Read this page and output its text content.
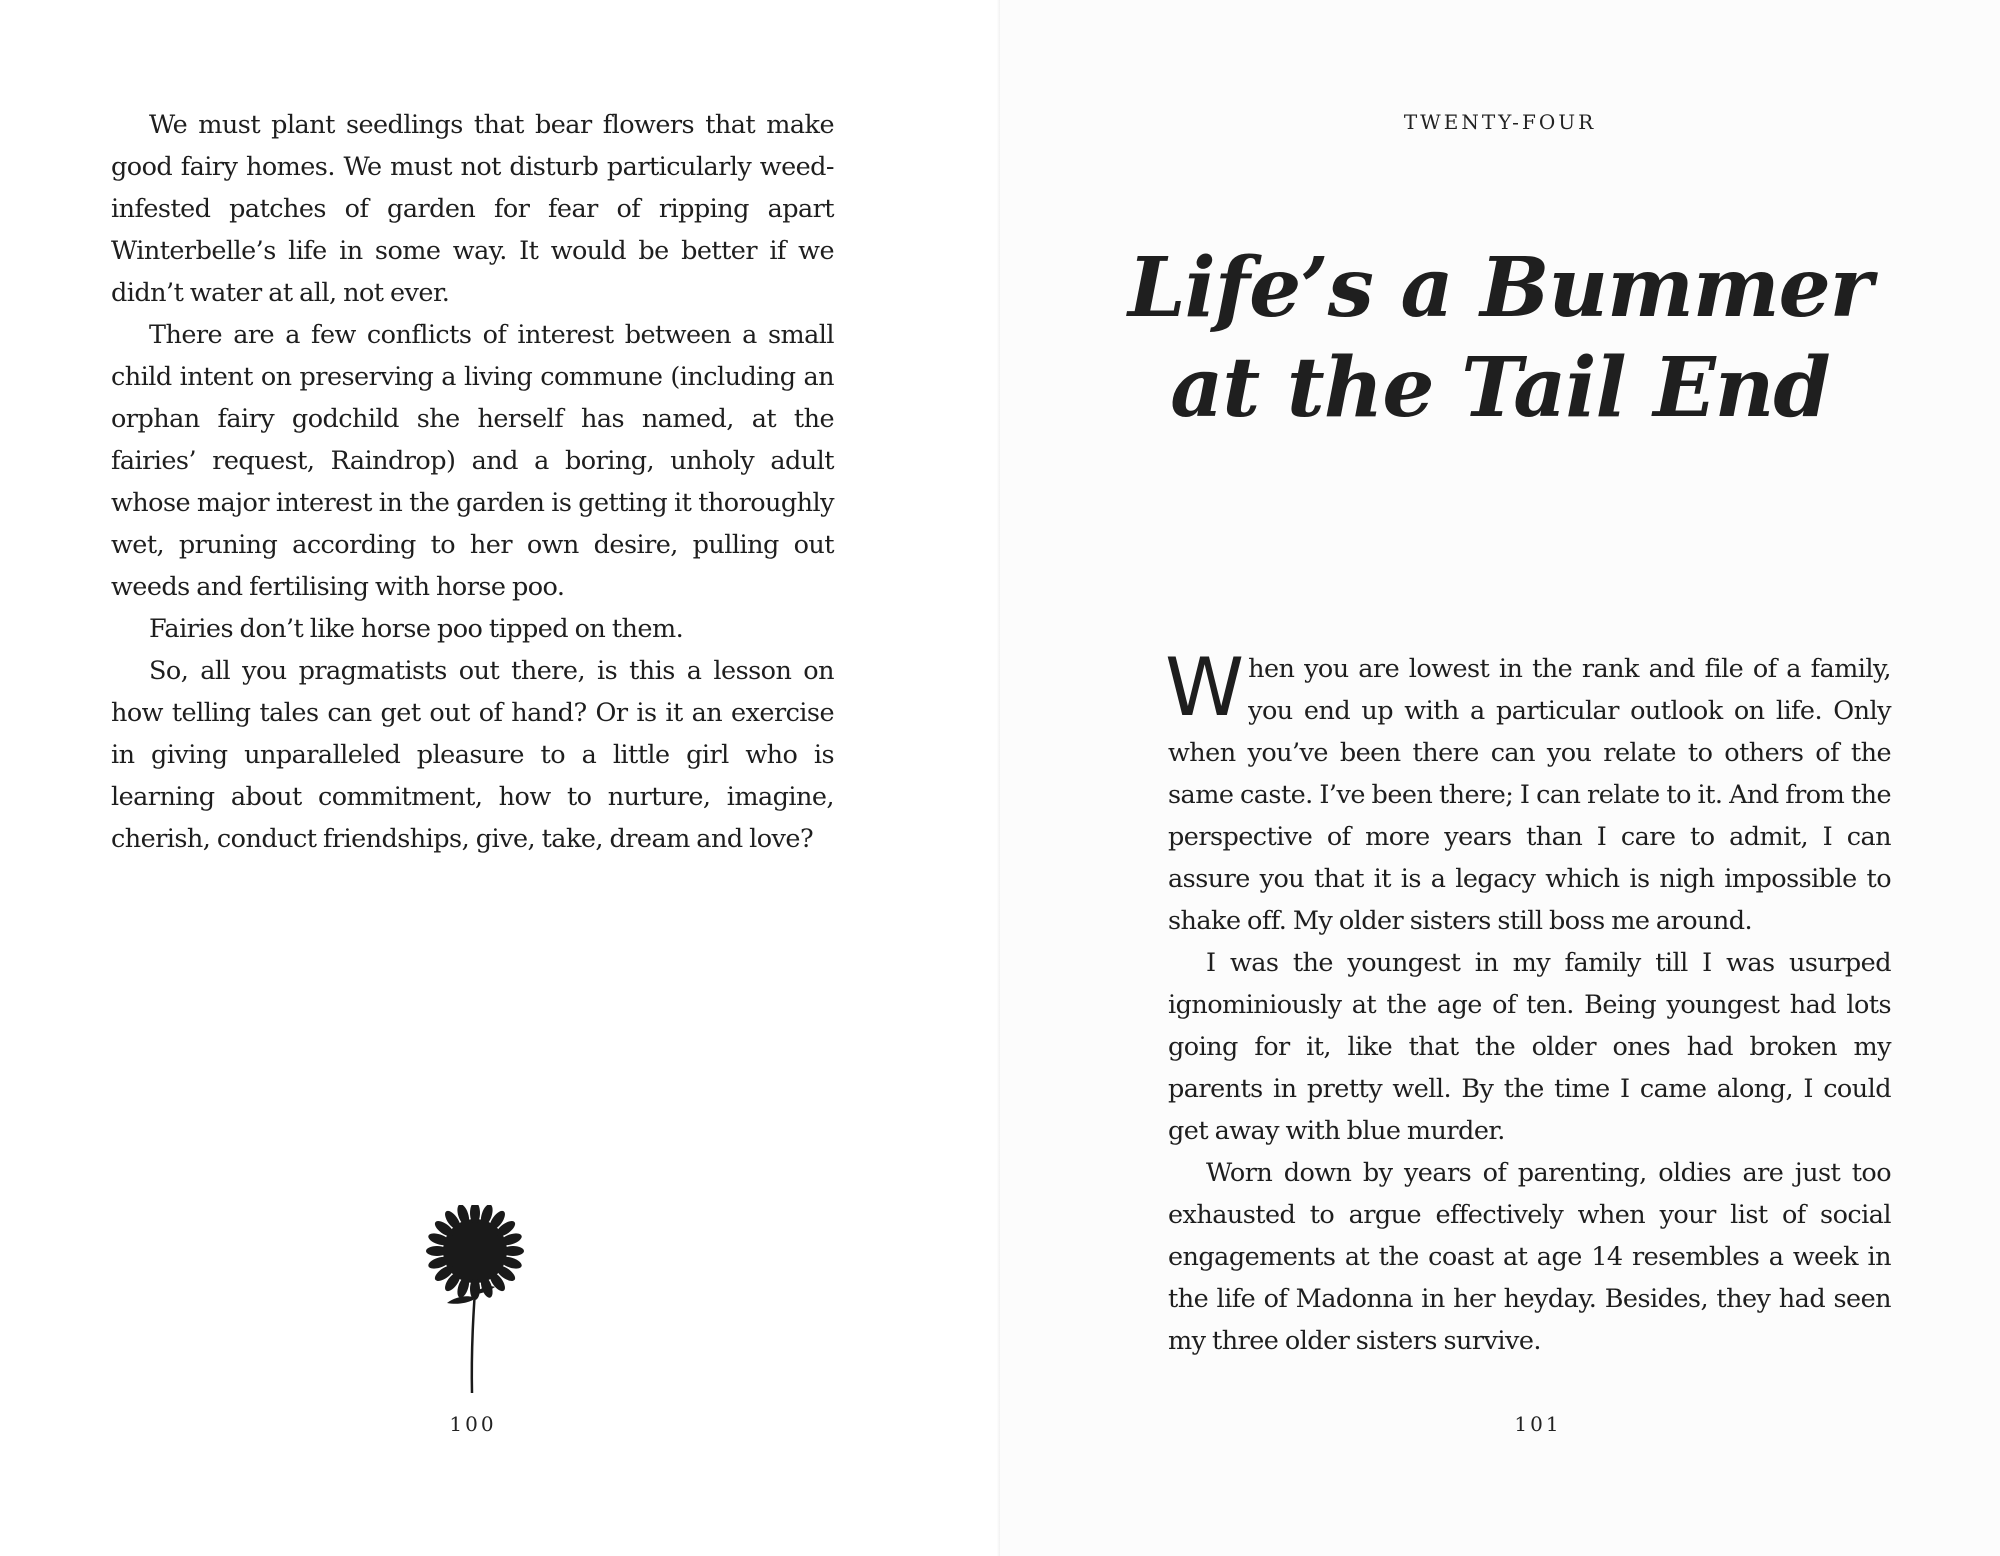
We must plant seedlings that bear flowers that make good fairy homes. We must not disturb particularly weed-infested patches of garden for fear of ripping apart Winterbelle’s life in some way. It would be better if we didn’t water at all, not ever.

There are a few conflicts of interest between a small child intent on preserving a living commune (including an orphan fairy godchild she herself has named, at the fairies’ request, Raindrop) and a boring, unholy adult whose major interest in the garden is getting it thoroughly wet, pruning according to her own desire, pulling out weeds and fertilising with horse poo.

Fairies don’t like horse poo tipped on them.

So, all you pragmatists out there, is this a lesson on how telling tales can get out of hand? Or is it an exercise in giving unparalleled pleasure to a little girl who is learning about commitment, how to nurture, imagine, cherish, conduct friendships, give, take, dream and love?

100
TWENTY-FOUR
Life’s a Bummer
at the Tail End

When you are lowest in the rank and file of a family, you end up with a particular outlook on life. Only when you’ve been there can you relate to others of the same caste. I’ve been there; I can relate to it. And from the perspective of more years than I care to admit, I can assure you that it is a legacy which is nigh impossible to shake off. My older sisters still boss me around.

I was the youngest in my family till I was usurped ignominiously at the age of ten. Being youngest had lots going for it, like that the older ones had broken my parents in pretty well. By the time I came along, I could get away with blue murder.

Worn down by years of parenting, oldies are just too exhausted to argue effectively when your list of social engagements at the coast at age 14 resembles a week in the life of Madonna in her heyday. Besides, they had seen my three older sisters survive.

101
